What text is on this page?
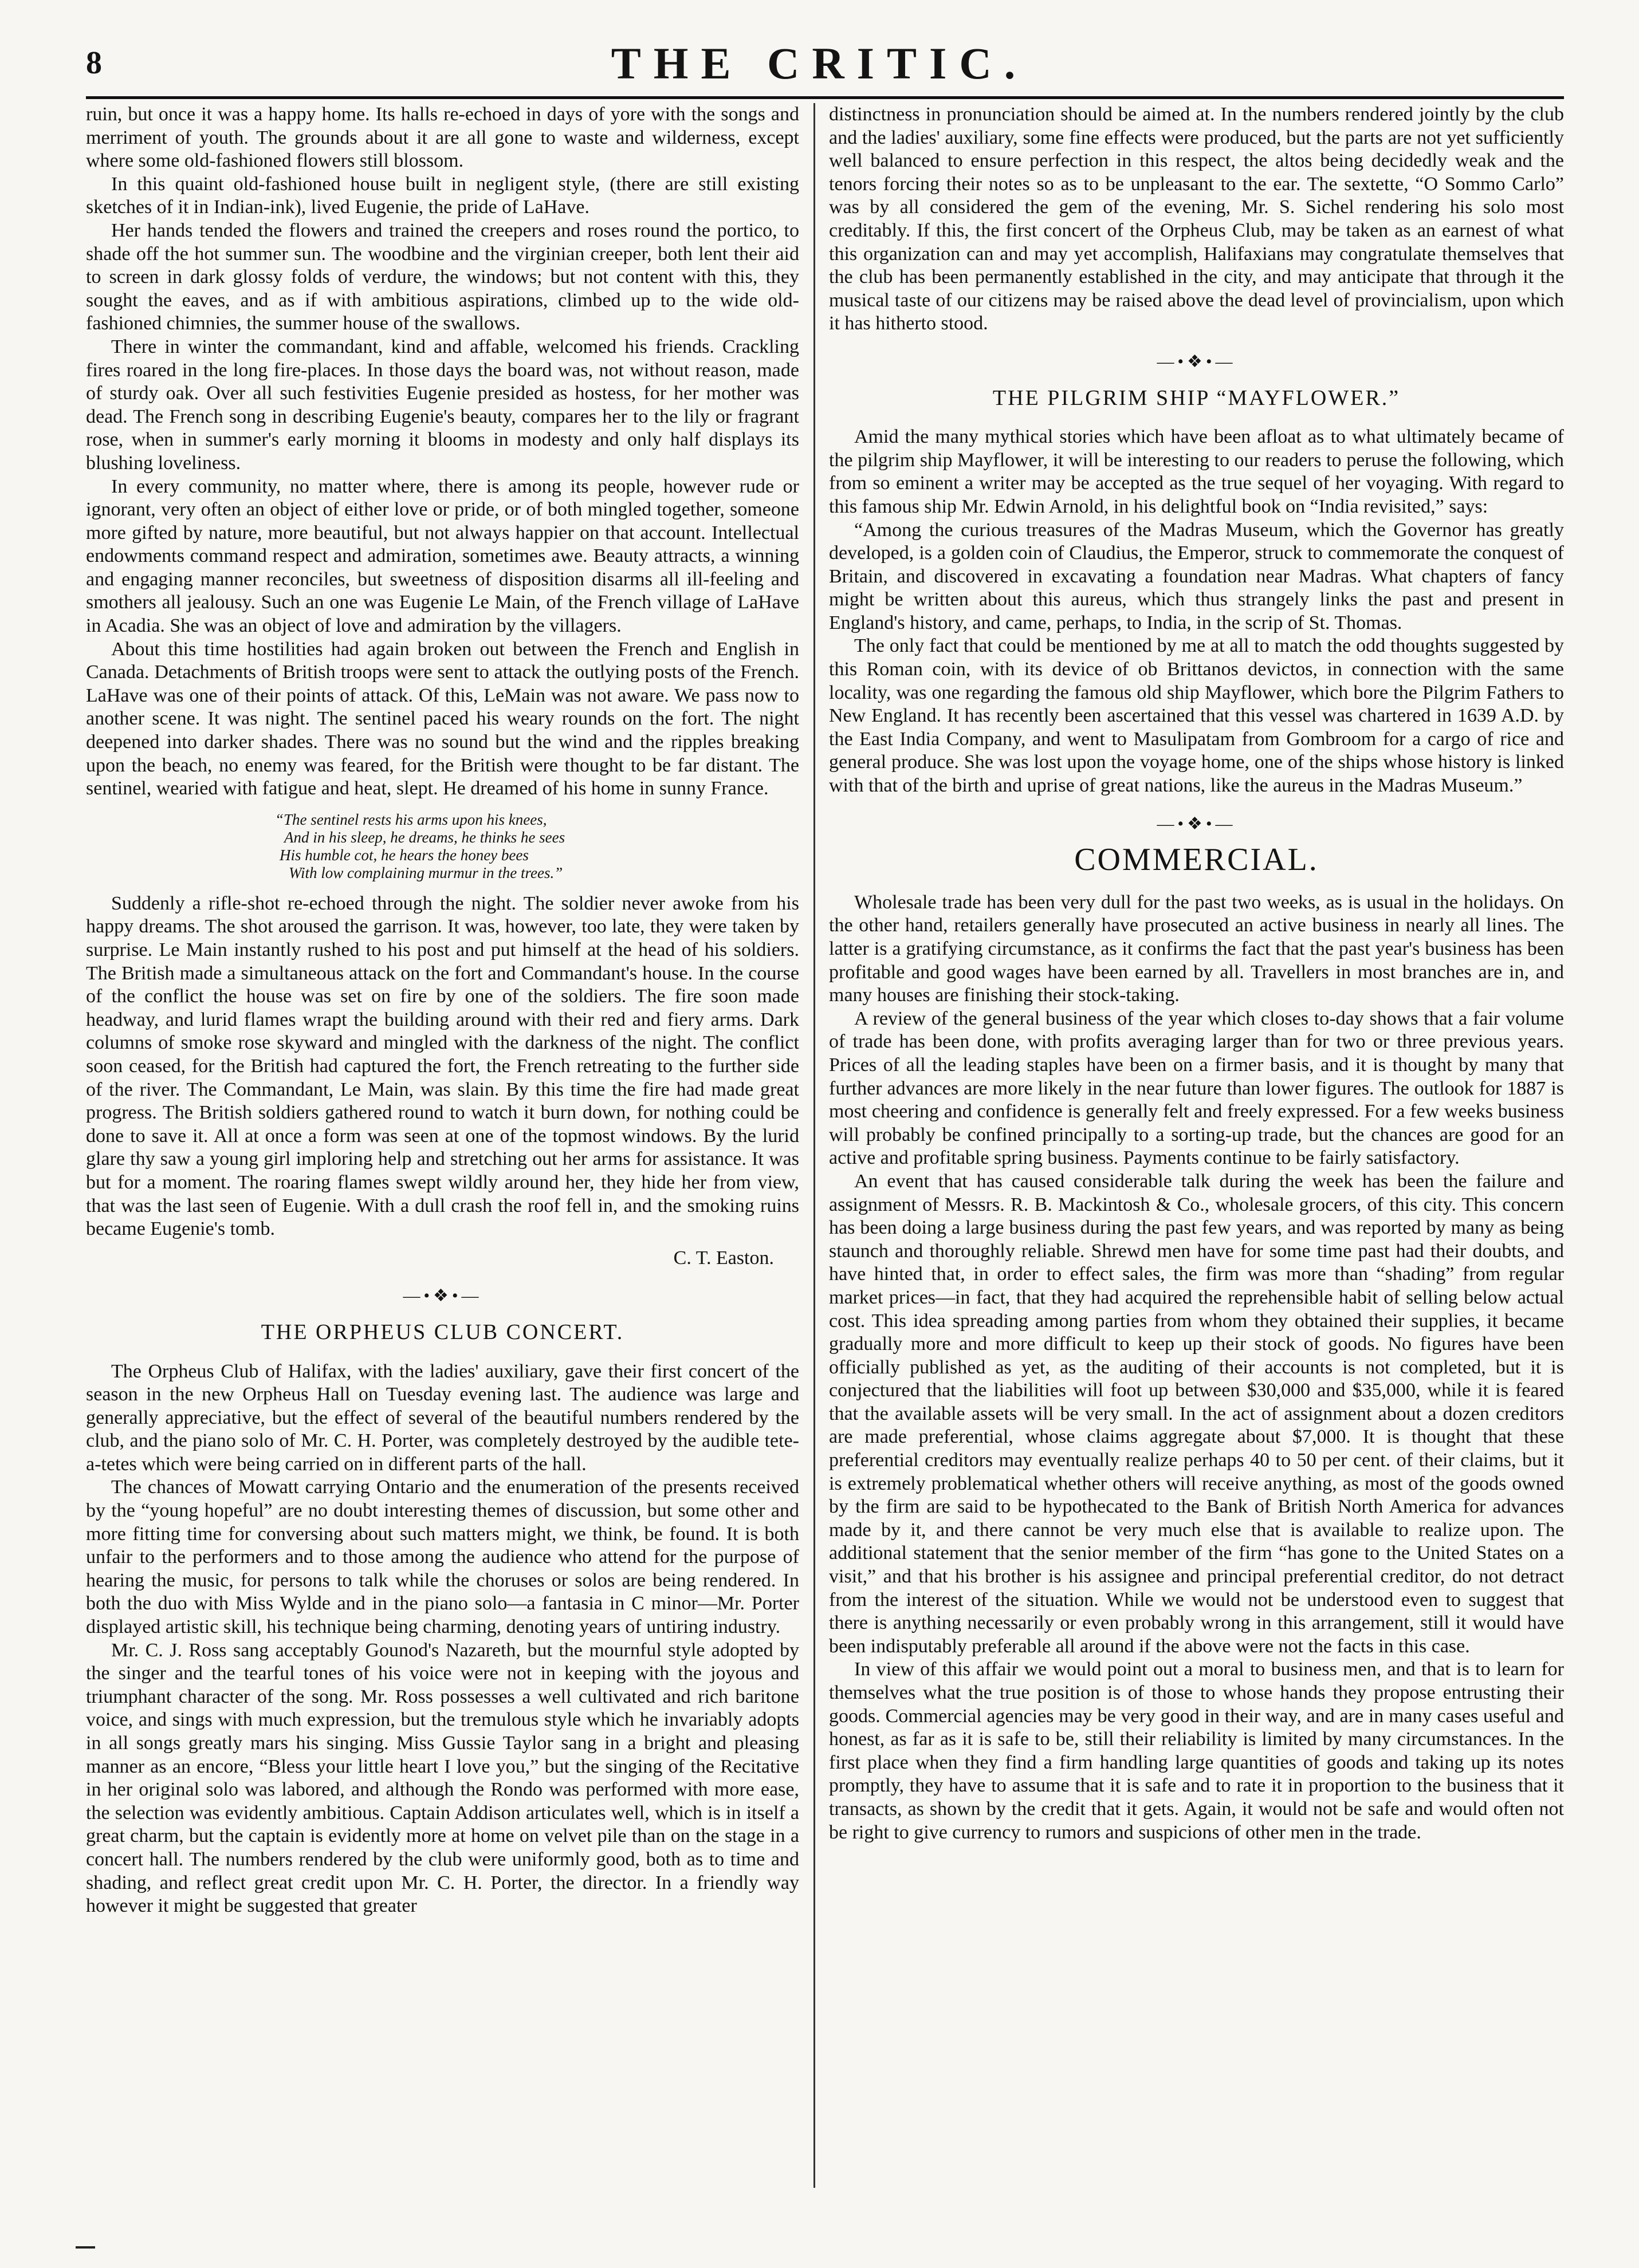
8	THE CRITIC.

ruin, but once it was a happy home. Its halls re-echoed in days of yore with the songs and merriment of youth. The grounds about it are all gone to waste and wilderness, except where some old-fashioned flowers still blossom.

In this quaint old-fashioned house built in negligent style, (there are still existing sketches of it in Indian-ink), lived Eugenie, the pride of LaHave.

Her hands tended the flowers and trained the creepers and roses round the portico, to shade off the hot summer sun. The woodbine and the virginian creeper, both lent their aid to screen in dark glossy folds of verdure, the windows; but not content with this, they sought the eaves, and as if with ambitious aspirations, climbed up to the wide old-fashioned chimnies, the summer house of the swallows.

There in winter the commandant, kind and affable, welcomed his friends. Crackling fires roared in the long fire-places. In those days the board was, not without reason, made of sturdy oak. Over all such festivities Eugenie presided as hostess, for her mother was dead. The French song in describing Eugenie's beauty, compares her to the lily or fragrant rose, when in summer's early morning it blooms in modesty and only half displays its blushing loveliness.

In every community, no matter where, there is among its people, however rude or ignorant, very often an object of either love or pride, or of both mingled together, someone more gifted by nature, more beautiful, but not always happier on that account. Intellectual endowments command respect and admiration, sometimes awe. Beauty attracts, a winning and engaging manner reconciles, but sweetness of disposition disarms all ill-feeling and smothers all jealousy. Such an one was Eugenie Le Main, of the French village of LaHave in Acadia. She was an object of love and admiration by the villagers.

About this time hostilities had again broken out between the French and English in Canada. Detachments of British troops were sent to attack the outlying posts of the French. LaHave was one of their points of attack. Of this, LeMain was not aware. We pass now to another scene. It was night. The sentinel paced his weary rounds on the fort. The night deepened into darker shades. There was no sound but the wind and the ripples breaking upon the beach, no enemy was feared, for the British were thought to be far distant. The sentinel, wearied with fatigue and heat, slept. He dreamed of his home in sunny France.

“The sentinel rests his arms upon his knees,
And in his sleep, he dreams, he thinks he sees
His humble cot, he hears the honey bees
With low complaining murmur in the trees.”

Suddenly a rifle-shot re-echoed through the night. The soldier never awoke from his happy dreams. The shot aroused the garrison. It was, however, too late, they were taken by surprise. Le Main instantly rushed to his post and put himself at the head of his soldiers. The British made a simultaneous attack on the fort and Commandant's house. In the course of the conflict the house was set on fire by one of the soldiers. The fire soon made headway, and lurid flames wrapt the building around with their red and fiery arms. Dark columns of smoke rose skyward and mingled with the darkness of the night. The conflict soon ceased, for the British had captured the fort, the French retreating to the further side of the river. The Commandant, Le Main, was slain. By this time the fire had made great progress. The British soldiers gathered round to watch it burn down, for nothing could be done to save it. All at once a form was seen at one of the topmost windows. By the lurid glare thy saw a young girl imploring help and stretching out her arms for assistance. It was but for a moment. The roaring flames swept wildly around her, they hide her from view, that was the last seen of Eugenie. With a dull crash the roof fell in, and the smoking ruins became Eugenie's tomb.

C. T. Easton.
—•❖•—
THE ORPHEUS CLUB CONCERT.

The Orpheus Club of Halifax, with the ladies' auxiliary, gave their first concert of the season in the new Orpheus Hall on Tuesday evening last. The audience was large and generally appreciative, but the effect of several of the beautiful numbers rendered by the club, and the piano solo of Mr. C. H. Porter, was completely destroyed by the audible tete-a-tetes which were being carried on in different parts of the hall.

The chances of Mowatt carrying Ontario and the enumeration of the presents received by the “young hopeful” are no doubt interesting themes of discussion, but some other and more fitting time for conversing about such matters might, we think, be found. It is both unfair to the performers and to those among the audience who attend for the purpose of hearing the music, for persons to talk while the choruses or solos are being rendered. In both the duo with Miss Wylde and in the piano solo—a fantasia in C minor—Mr. Porter displayed artistic skill, his technique being charming, denoting years of untiring industry.

Mr. C. J. Ross sang acceptably Gounod's Nazareth, but the mournful style adopted by the singer and the tearful tones of his voice were not in keeping with the joyous and triumphant character of the song. Mr. Ross possesses a well cultivated and rich baritone voice, and sings with much expression, but the tremulous style which he invariably adopts in all songs greatly mars his singing. Miss Gussie Taylor sang in a bright and pleasing manner as an encore, “Bless your little heart I love you,” but the singing of the Recitative in her original solo was labored, and although the Rondo was performed with more ease, the selection was evidently ambitious. Captain Addison articulates well, which is in itself a great charm, but the captain is evidently more at home on velvet pile than on the stage in a concert hall. The numbers rendered by the club were uniformly good, both as to time and shading, and reflect great credit upon Mr. C. H. Porter, the director. In a friendly way however it might be suggested that greater

distinctness in pronunciation should be aimed at. In the numbers rendered jointly by the club and the ladies' auxiliary, some fine effects were produced, but the parts are not yet sufficiently well balanced to ensure perfection in this respect, the altos being decidedly weak and the tenors forcing their notes so as to be unpleasant to the ear. The sextette, “O Sommo Carlo” was by all considered the gem of the evening, Mr. S. Sichel rendering his solo most creditably. If this, the first concert of the Orpheus Club, may be taken as an earnest of what this organization can and may yet accomplish, Halifaxians may congratulate themselves that the club has been permanently established in the city, and may anticipate that through it the musical taste of our citizens may be raised above the dead level of provincialism, upon which it has hitherto stood.

—•❖•—
THE PILGRIM SHIP “MAYFLOWER.”

Amid the many mythical stories which have been afloat as to what ultimately became of the pilgrim ship Mayflower, it will be interesting to our readers to peruse the following, which from so eminent a writer may be accepted as the true sequel of her voyaging. With regard to this famous ship Mr. Edwin Arnold, in his delightful book on “India revisited,” says:

“Among the curious treasures of the Madras Museum, which the Governor has greatly developed, is a golden coin of Claudius, the Emperor, struck to commemorate the conquest of Britain, and discovered in excavating a foundation near Madras. What chapters of fancy might be written about this aureus, which thus strangely links the past and present in England's history, and came, perhaps, to India, in the scrip of St. Thomas.

The only fact that could be mentioned by me at all to match the odd thoughts suggested by this Roman coin, with its device of ob Brittanos devictos, in connection with the same locality, was one regarding the famous old ship Mayflower, which bore the Pilgrim Fathers to New England. It has recently been ascertained that this vessel was chartered in 1639 A.D. by the East India Company, and went to Masulipatam from Gombroom for a cargo of rice and general produce. She was lost upon the voyage home, one of the ships whose history is linked with that of the birth and uprise of great nations, like the aureus in the Madras Museum.”

—•❖•—
COMMERCIAL.

Wholesale trade has been very dull for the past two weeks, as is usual in the holidays. On the other hand, retailers generally have prosecuted an active business in nearly all lines. The latter is a gratifying circumstance, as it confirms the fact that the past year's business has been profitable and good wages have been earned by all. Travellers in most branches are in, and many houses are finishing their stock-taking.

A review of the general business of the year which closes to-day shows that a fair volume of trade has been done, with profits averaging larger than for two or three previous years. Prices of all the leading staples have been on a firmer basis, and it is thought by many that further advances are more likely in the near future than lower figures. The outlook for 1887 is most cheering and confidence is generally felt and freely expressed. For a few weeks business will probably be confined principally to a sorting-up trade, but the chances are good for an active and profitable spring business. Payments continue to be fairly satisfactory.

An event that has caused considerable talk during the week has been the failure and assignment of Messrs. R. B. Mackintosh & Co., wholesale grocers, of this city. This concern has been doing a large business during the past few years, and was reported by many as being staunch and thoroughly reliable. Shrewd men have for some time past had their doubts, and have hinted that, in order to effect sales, the firm was more than “shading” from regular market prices—in fact, that they had acquired the reprehensible habit of selling below actual cost. This idea spreading among parties from whom they obtained their supplies, it became gradually more and more difficult to keep up their stock of goods. No figures have been officially published as yet, as the auditing of their accounts is not completed, but it is conjectured that the liabilities will foot up between $30,000 and $35,000, while it is feared that the available assets will be very small. In the act of assignment about a dozen creditors are made preferential, whose claims aggregate about $7,000. It is thought that these preferential creditors may eventually realize perhaps 40 to 50 per cent. of their claims, but it is extremely problematical whether others will receive anything, as most of the goods owned by the firm are said to be hypothecated to the Bank of British North America for advances made by it, and there cannot be very much else that is available to realize upon. The additional statement that the senior member of the firm “has gone to the United States on a visit,” and that his brother is his assignee and principal preferential creditor, do not detract from the interest of the situation. While we would not be understood even to suggest that there is anything necessarily or even probably wrong in this arrangement, still it would have been indisputably preferable all around if the above were not the facts in this case.

In view of this affair we would point out a moral to business men, and that is to learn for themselves what the true position is of those to whose hands they propose entrusting their goods. Commercial agencies may be very good in their way, and are in many cases useful and honest, as far as it is safe to be, still their reliability is limited by many circumstances. In the first place when they find a firm handling large quantities of goods and taking up its notes promptly, they have to assume that it is safe and to rate it in proportion to the business that it transacts, as shown by the credit that it gets. Again, it would not be safe and would often not be right to give currency to rumors and suspicions of other men in the trade.
